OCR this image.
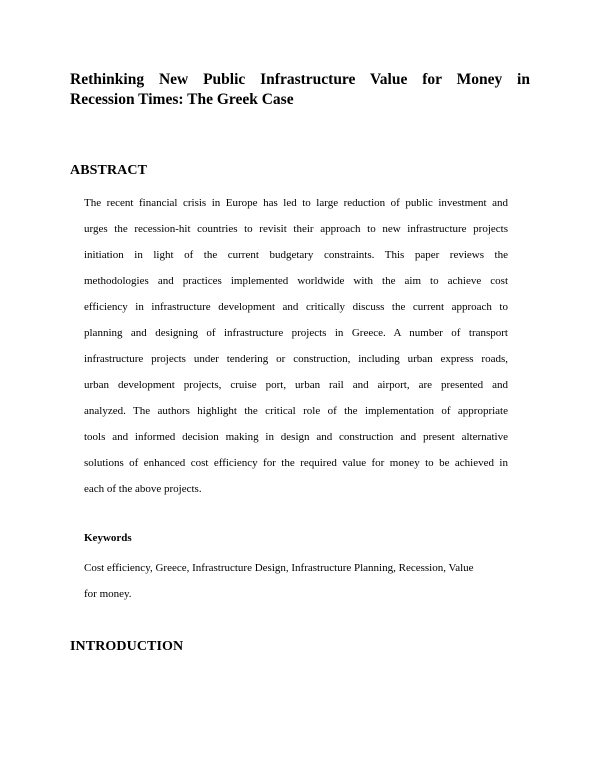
Rethinking New Public Infrastructure Value for Money in
Recession Times: The Greek Case
ABSTRACT
The recent financial crisis in Europe has led to large reduction of public investment and
urges the recession-hit countries to revisit their approach to new infrastructure projects
initiation in light of the current budgetary constraints. This paper reviews the
methodologies and practices implemented worldwide with the aim to achieve cost
efficiency in infrastructure development and critically discuss the current approach to
planning and designing of infrastructure projects in Greece. A number of transport
infrastructure projects under tendering or construction, including urban express roads,
urban development projects, cruise port, urban rail and airport, are presented and
analyzed. The authors highlight the critical role of the implementation of appropriate
tools and informed decision making in design and construction and present alternative
solutions of enhanced cost efficiency for the required value for money to be achieved in
each of the above projects.
Keywords
Cost efficiency, Greece, Infrastructure Design, Infrastructure Planning, Recession, Value
for money.
INTRODUCTION
